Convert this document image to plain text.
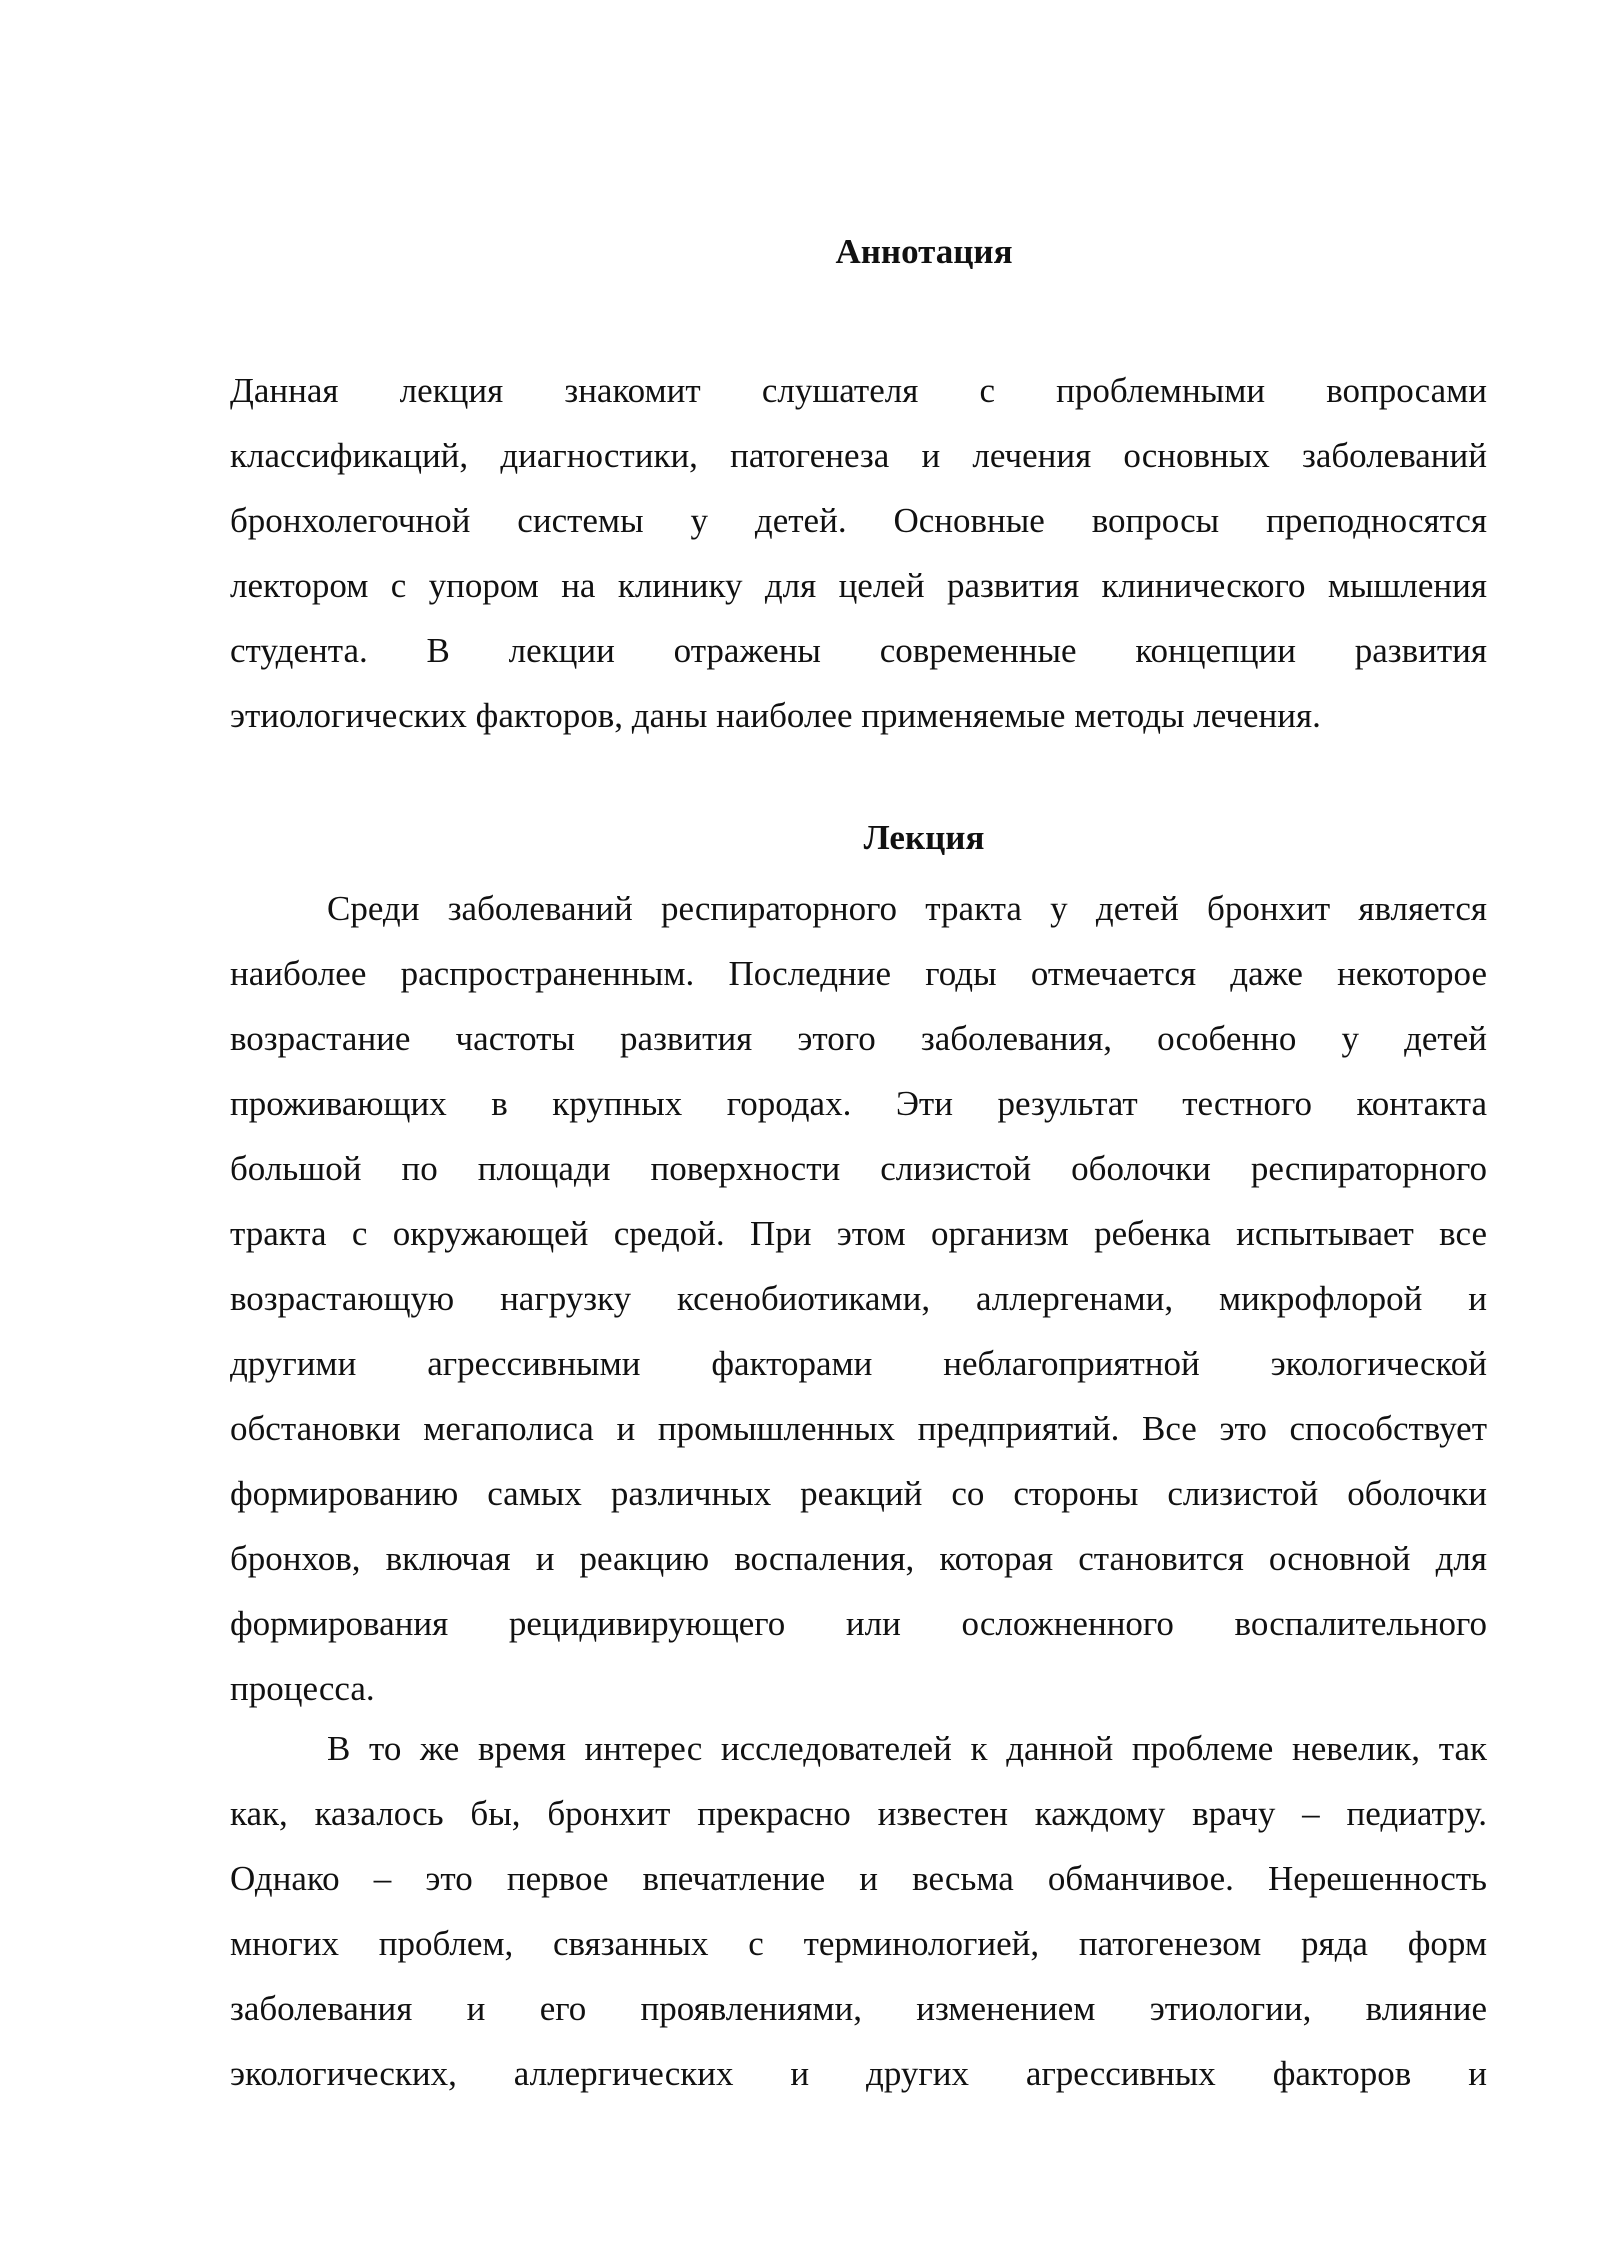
Аннотация
Данная лекция знакомит слушателя с проблемными вопросами
классификаций, диагностики, патогенеза и лечения основных заболеваний
бронхолегочной системы у детей. Основные вопросы преподносятся
лектором с упором на клинику для целей развития клинического мышления
студента. В лекции отражены современные концепции развития
этиологических факторов, даны наиболее применяемые методы лечения.
Лекция
Среди заболеваний респираторного тракта у детей бронхит является
наиболее распространенным. Последние годы отмечается даже некоторое
возрастание частоты развития этого заболевания, особенно у детей
проживающих в крупных городах. Эти результат тестного контакта
большой по площади поверхности слизистой оболочки респираторного
тракта с окружающей средой. При этом организм ребенка испытывает все
возрастающую нагрузку ксенобиотиками, аллергенами, микрофлорой и
другими агрессивными факторами неблагоприятной экологической
обстановки мегаполиса и промышленных предприятий. Все это способствует
формированию самых различных реакций со стороны слизистой оболочки
бронхов, включая и реакцию воспаления, которая становится основной для
формирования рецидивирующего или осложненного воспалительного
процесса.
В то же время интерес исследователей к данной проблеме невелик, так
как, казалось бы, бронхит прекрасно известен каждому врачу – педиатру.
Однако – это первое впечатление и весьма обманчивое. Нерешенность
многих проблем, связанных с терминологией, патогенезом ряда форм
заболевания и его проявлениями, изменением этиологии, влияние
экологических, аллергических и других агрессивных факторов и
